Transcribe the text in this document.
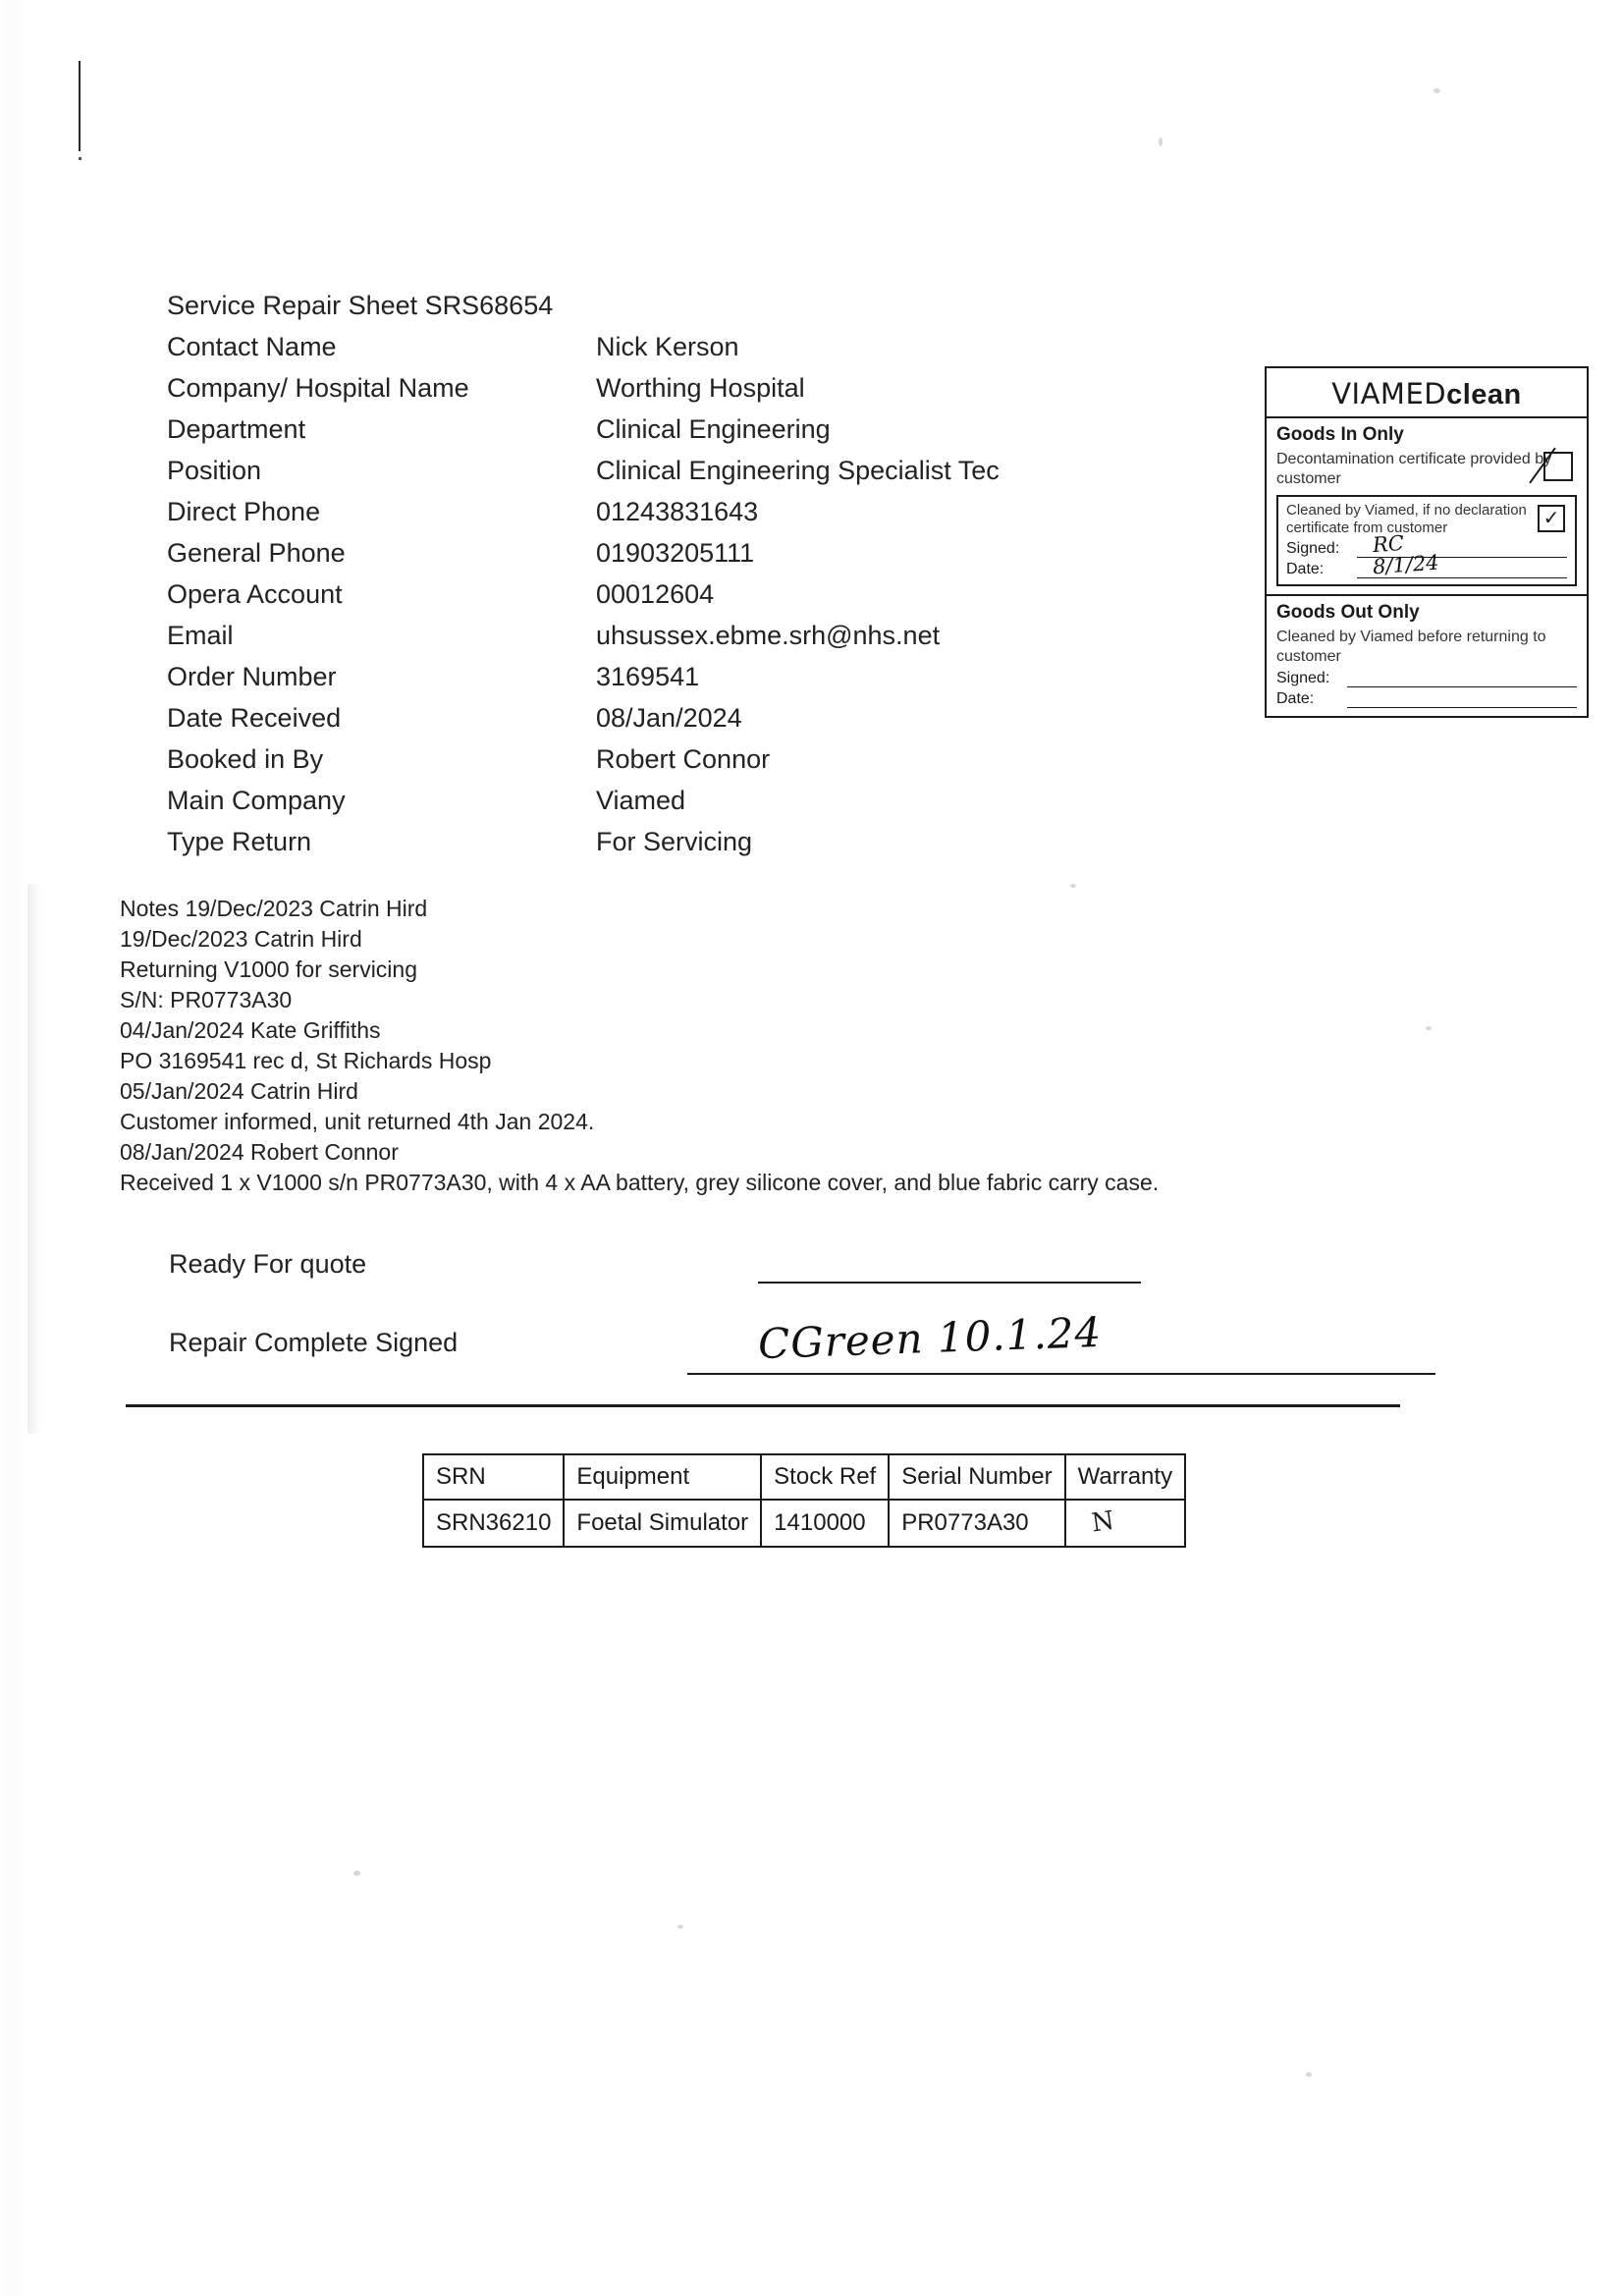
Service Repair Sheet SRS68654
Contact Name	Nick Kerson
Company/ Hospital Name	Worthing Hospital
Department	Clinical Engineering
Position	Clinical Engineering Specialist Tec
Direct Phone	01243831643
General Phone	01903205111
Opera Account	00012604
Email	uhsussex.ebme.srh@nhs.net
Order Number	3169541
Date Received	08/Jan/2024
Booked in By	Robert Connor
Main Company	Viamed
Type Return	For Servicing
VIAMEDclean
Goods In Only

Decontamination certificate provided by customer

Cleaned by Viamed, if no declaration certificate from customer	✓
Signed:	RC
Date:	8/1/24
Goods Out Only

Cleaned by Viamed before returning to customer

Signed:
Date:
Notes 19/Dec/2023 Catrin Hird
19/Dec/2023 Catrin Hird
Returning V1000 for servicing
S/N: PR0773A30
04/Jan/2024 Kate Griffiths
PO 3169541 rec d, St Richards Hosp
05/Jan/2024 Catrin Hird
Customer informed, unit returned 4th Jan 2024.
08/Jan/2024 Robert Connor
Received 1 x V1000 s/n PR0773A30, with 4 x AA battery, grey silicone cover, and blue fabric carry case.
Ready For quote
Repair Complete Signed	CGreen 10.1.24
SRN	Equipment	Stock Ref	Serial Number	Warranty
SRN36210	Foetal Simulator	1410000	PR0773A30	N
